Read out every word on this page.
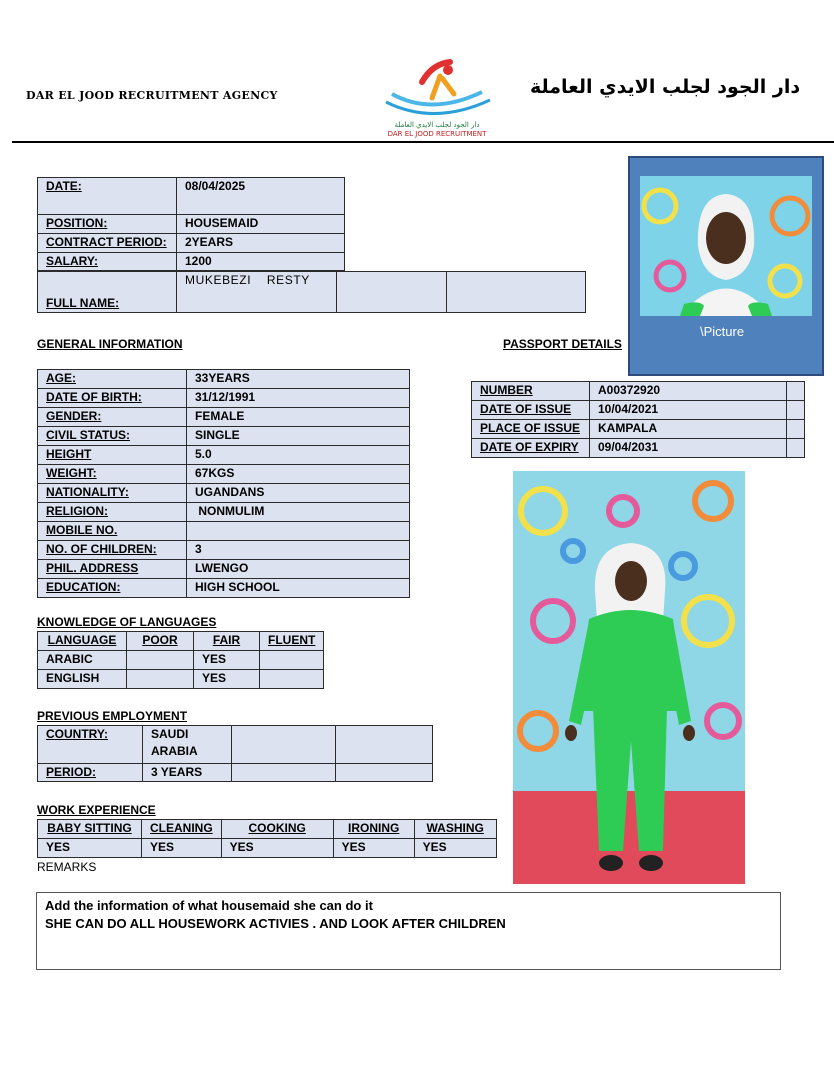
DAR EL JOOD RECRUITMENT AGENCY
دار الجود لجلب الايدي العاملة
DAR EL JOOD RECRUITMENT
دار الجود لجلب الايدي العاملة
DATE:	08/04/2025
POSITION:	HOUSEMAID
CONTRACT PERIOD:	2YEARS
SALARY:	1200
FULL NAME:	MUKEBEZI    RESTY		
\Picture
GENERAL INFORMATION	PASSPORT DETAILS
AGE:	33YEARS
DATE OF BIRTH:	31/12/1991
GENDER:	FEMALE
CIVIL STATUS:	SINGLE
HEIGHT	5.0
WEIGHT:	67KGS
NATIONALITY:	UGANDANS
RELIGION:	NONMULIM
MOBILE NO.	
NO. OF CHILDREN:	3
PHIL. ADDRESS	LWENGO
EDUCATION:	HIGH SCHOOL
NUMBER	A00372920	
DATE OF ISSUE	10/04/2021	
PLACE OF ISSUE	KAMPALA	
DATE OF EXPIRY	09/04/2031	
KNOWLEDGE OF LANGUAGES
LANGUAGE	POOR	FAIR	FLUENT
ARABIC		YES	
ENGLISH		YES	
PREVIOUS EMPLOYMENT
COUNTRY:	SAUDI
ARABIA		

PERIOD:	3 YEARS		
WORK EXPERIENCE
BABY SITTING	CLEANING	COOKING	IRONING	WASHING
YES	YES	YES	YES	YES
REMARKS
Add the information of what housemaid she can do it
SHE CAN DO ALL HOUSEWORK ACTIVIES . AND LOOK AFTER CHILDREN
